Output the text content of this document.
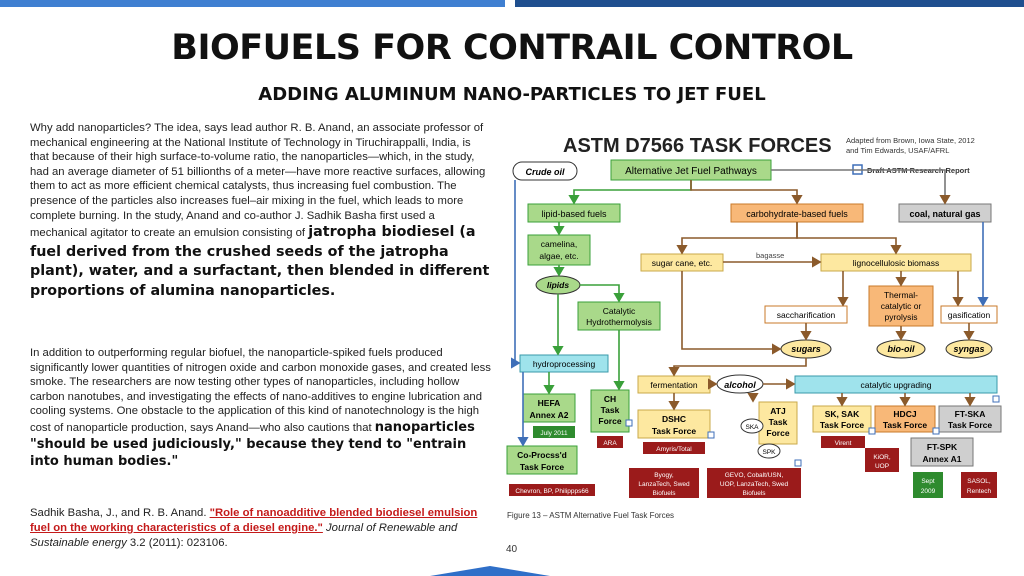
BIOFUELS FOR CONTRAIL CONTROL
ADDING ALUMINUM NANO-PARTICLES TO JET FUEL
Why add nanoparticles? The idea, says lead author R. B. Anand, an associate professor of mechanical engineering at the National Institute of Technology in Tiruchirappalli, India, is that because of their high surface-to-volume ratio, the nanoparticles—which, in the study, had an average diameter of 51 billionths of a meter—have more reactive surfaces, allowing them to act as more efficient chemical catalysts, thus increasing fuel combustion. The presence of the particles also increases fuel–air mixing in the fuel, which leads to more complete burning. In the study, Anand and co-author J. Sadhik Basha first used a mechanical agitator to create an emulsion consisting of jatropha biodiesel (a fuel derived from the crushed seeds of the jatropha plant), water, and a surfactant, then blended in different proportions of alumina nanoparticles.
In addition to outperforming regular biofuel, the nanoparticle-spiked fuels produced significantly lower quantities of nitrogen oxide and carbon monoxide gases, and created less smoke. The researchers are now testing other types of nanoparticles, including hollow carbon nanotubes, and investigating the effects of nano-additives to engine lubrication and cooling systems. One obstacle to the application of this kind of nanotechnology is the high cost of nanoparticle production, says Anand—who also cautions that nanoparticles "should be used judiciously," because they tend to "entrain into human bodies."
Sadhik Basha, J., and R. B. Anand. "Role of nanoadditive blended biodiesel emulsion fuel on the working characteristics of a diesel engine." Journal of Renewable and Sustainable energy 3.2 (2011): 023106.
40
ASTM D7566 TASK FORCES Adapted from Brown, Iowa State, 2012
and Tim Edwards, USAF/AFRL
Draft ASTM Research Report
Crude oil	Alternative Jet Fuel Pathways
lipid-based fuels	carbohydrate-based fuels	coal, natural gas
camelina,
algae, etc.
sugar cane, etc.
bagasse
lignocellulosic biomass
lipids
Catalytic
Hydrothermolysis
saccharification
Thermal-
catalytic or
pyrolysis	gasification
sugars	bio-oil	syngas
hydroprocessing
fermentation	alcohol	catalytic upgrading
HEFA
Annex A2
CH
Task
Force	DSHC
Task Force
ATJ
Task
Force
SKA
SPK
SK, SAK
Task Force
HDCJ
Task Force
FT-SKA
Task Force
FT-SPK
Annex A1
Co-Procss'd
Task Force
July 2011
ARA
Amyris/Total
Virent
KiOR,
UOP
Sept
2009
SASOL,
Rentech
Chevron, BP, Philippps66
Byogy,
LanzaTech, Swed
Biofuels
GEVO, Cobalt/USN,
UOP, LanzaTech, Swed
Biofuels
Figure 13 – ASTM Alternative Fuel Task Forces
